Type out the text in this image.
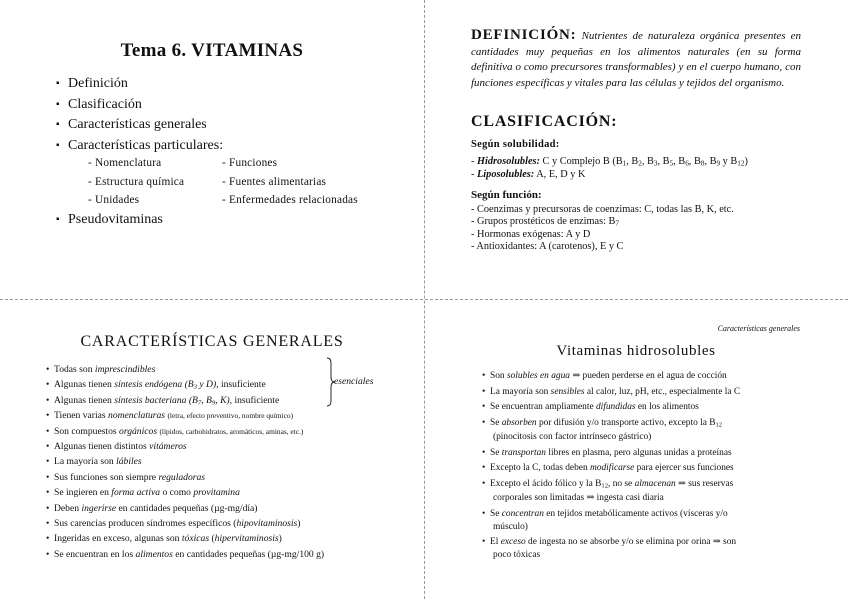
Tema 6. VITAMINAS
▪ Definición
▪ Clasificación
▪ Características generales
▪ Características particulares:
- Nomenclatura
- Estructura química
- Unidades
- Funciones
- Fuentes alimentarias
- Enfermedades relacionadas
▪ Pseudovitaminas
DEFINICIÓN: Nutrientes de naturaleza orgánica presentes en cantidades muy pequeñas en los alimentos naturales (en su forma definitiva o como precursores transformables) y en el cuerpo humano, con funciones específicas y vitales para las células y tejidos del organismo.
CLASIFICACIÓN:
Según solubilidad:
- Hidrosolubles: C y Complejo B ($B_1$, $B_2$, $B_3$, $B_5$, $B_6$, $B_8$, $B_9$ y $B_{12}$)
- Liposolubles: A, E, D y K
Según función:
- Coenzimas y precursoras de coenzimas: C, todas las B, K, etc.
- Grupos prostéticos de enzimas: $B_7$
- Hormonas exógenas: A y D
- Antioxidantes: A (carotenos), E y C
CARACTERÍSTICAS GENERALES
esenciales
• Todas son imprescindibles
• Algunas tienen síntesis endógena ($B_3$ y D), insuficiente
• Algunas tienen síntesis bacteriana ($B_7$, $B_9$, K), insuficiente
• Tienen varias nomenclaturas (letra, efecto preventivo, nombre químico)
• Son compuestos orgánicos (lípidos, carbohidratos, aromáticos, aminas, etc.)
• Algunas tienen distintos vitámeros
• La mayoría son lábiles
• Sus funciones son siempre reguladoras
• Se ingieren en forma activa o como provitamina
• Deben ingerirse en cantidades pequeñas (µg-mg/día)
• Sus carencias producen síndromes específicos (hipovitaminosis)
• Ingeridas en exceso, algunas son tóxicas (hipervitaminosis)
• Se encuentran en los alimentos en cantidades pequeñas (µg-mg/100 g)
Características generales
Vitaminas hidrosolubles
• Son solubles en agua ⇒ pueden perderse en el agua de cocción
• La mayoría son sensibles al calor, luz, pH, etc., especialmente la C
• Se encuentran ampliamente difundidas en los alimentos
• Se absorben por difusión y/o transporte activo, excepto la $B_{12}$
(pinocitosis con factor intrínseco gástrico)
• Se transportan libres en plasma, pero algunas unidas a proteínas
• Excepto la C, todas deben modificarse para ejercer sus funciones
• Excepto el ácido fólico y la $B_{12}$, no se almacenan ⇒ sus reservas
corporales son limitadas ⇒ ingesta casi diaria
• Se concentran en tejidos metabólicamente activos (vísceras y/o
músculo)
• El exceso de ingesta no se absorbe y/o se elimina por orina ⇒ son
poco tóxicas
